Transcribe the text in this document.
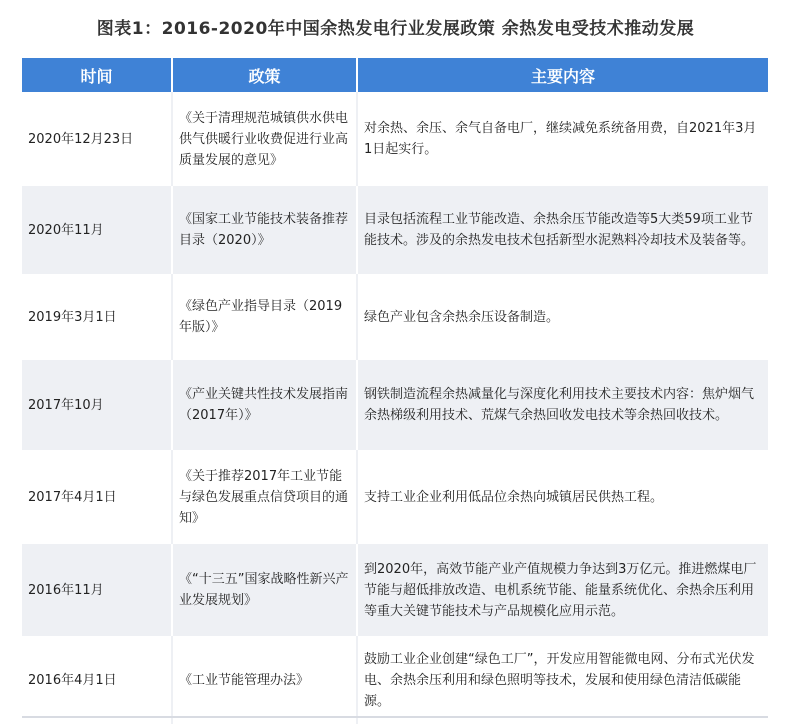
图表1：2016-2020年中国余热发电行业发展政策 余热发电受技术推动发展
时间	政策	主要内容
2020年12月23日	《关于清理规范城镇供水供电供气供暖行业收费促进行业高质量发展的意见》	对余热、余压、余气自备电厂，继续减免系统备用费，自2021年3月1日起实行。
2020年11月	《国家工业节能技术装备推荐目录（2020）》	目录包括流程工业节能改造、余热余压节能改造等5大类59项工业节能技术。涉及的余热发电技术包括新型水泥熟料冷却技术及装备等。
2019年3月1日	《绿色产业指导目录（2019年版）》	绿色产业包含余热余压设备制造。
2017年10月	《产业关键共性技术发展指南（2017年）》	钢铁制造流程余热减量化与深度化利用技术主要技术内容：焦炉烟气余热梯级利用技术、荒煤气余热回收发电技术等余热回收技术。
2017年4月1日	《关于推荐2017年工业节能与绿色发展重点信贷项目的通知》	支持工业企业利用低品位余热向城镇居民供热工程。
2016年11月	《“十三五”国家战略性新兴产业发展规划》	到2020年，高效节能产业产值规模力争达到3万亿元。推进燃煤电厂节能与超低排放改造、电机系统节能、能量系统优化、余热余压利用等重大关键节能技术与产品规模化应用示范。
2016年4月1日	《工业节能管理办法》	鼓励工业企业创建“绿色工厂”，开发应用智能微电网、分布式光伏发电、余热余压利用和绿色照明等技术，发展和使用绿色清洁低碳能源。
